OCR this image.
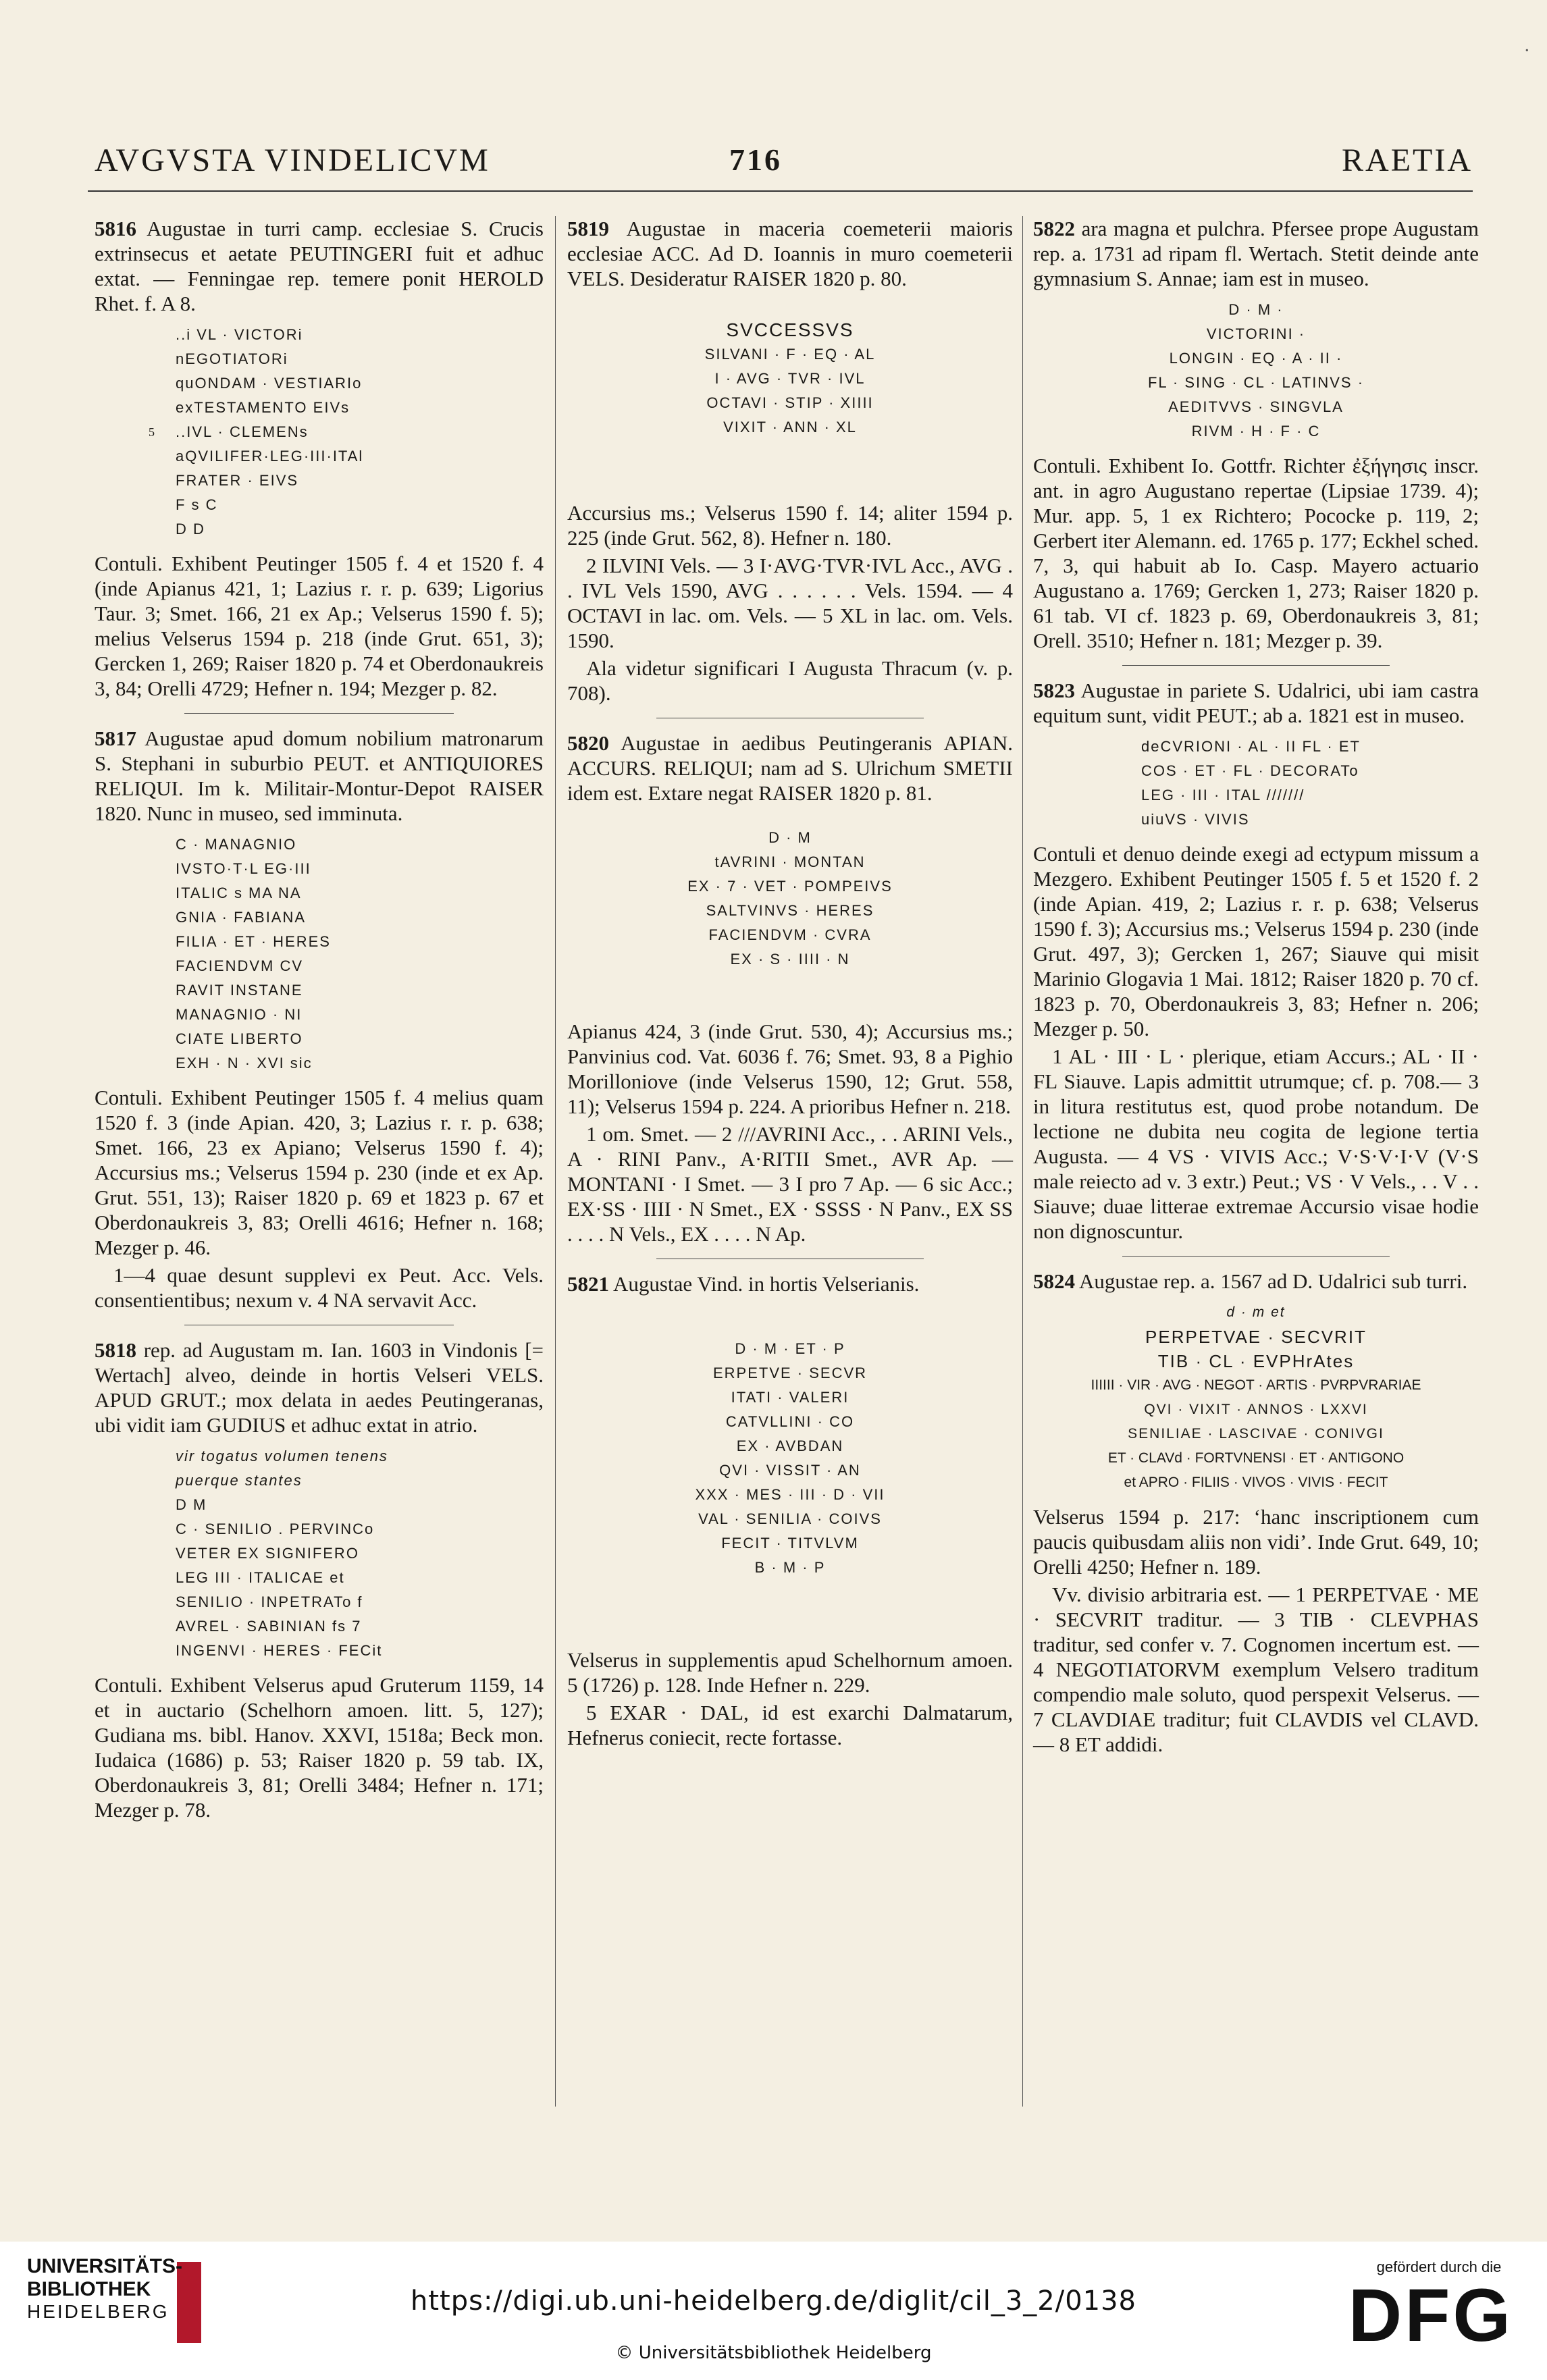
·
AVGVSTA VINDELICVM	716	RAETIA

5816 Augustae in turri camp. ecclesiae S. Crucis extrinsecus et aetate PEUTINGERI fuit et adhuc extat. — Fenningae rep. temere ponit HEROLD Rhet. f. A 8.

..i VL · VICTORi
nEGOTIATORi
quONDAM · VESTIARIo
exTESTAMENTO EIVs
5 ..IVL · CLEMENs
aQVILIFER·LEG·III·ITAl
FRATER · EIVS
F s C
D D

Contuli. Exhibent Peutinger 1505 f. 4 et 1520 f. 4 (inde Apianus 421, 1; Lazius r. r. p. 639; Ligorius Taur. 3; Smet. 166, 21 ex Ap.; Velserus 1590 f. 5); melius Velserus 1594 p. 218 (inde Grut. 651, 3); Gercken 1, 269; Raiser 1820 p. 74 et Oberdonaukreis 3, 84; Orelli 4729; Hefner n. 194; Mezger p. 82.

5817 Augustae apud domum nobilium matronarum S. Stephani in suburbio PEUT. et ANTIQUIORES RELIQUI. Im k. Militair-Montur-Depot RAISER 1820. Nunc in museo, sed imminuta.

C · MANAGNIO
IVSTO·T·L EG·III
ITALIC s MA NA
GNIA · FABIANA
FILIA · ET · HERES
FACIENDVM CV
RAVIT INSTANE
MANAGNIO · NI
CIATE LIBERTO
EXH · N · XVI sic

Contuli. Exhibent Peutinger 1505 f. 4 melius quam 1520 f. 3 (inde Apian. 420, 3; Lazius r. r. p. 638; Smet. 166, 23 ex Apiano; Velserus 1590 f. 4); Accursius ms.; Velserus 1594 p. 230 (inde et ex Ap. Grut. 551, 13); Raiser 1820 p. 69 et 1823 p. 67 et Oberdonaukreis 3, 83; Orelli 4616; Hefner n. 168; Mezger p. 46.

1—4 quae desunt supplevi ex Peut. Acc. Vels. consentientibus; nexum v. 4 NA servavit Acc.

5818 rep. ad Augustam m. Ian. 1603 in Vindonis [= Wertach] alveo, deinde in hortis Velseri VELS. APUD GRUT.; mox delata in aedes Peutingeranas, ubi vidit iam GUDIUS et adhuc extat in atrio.

vir togatus volumen tenens
puerque stantes
D M
C · SENILIO . PERVINCo
VETER EX SIGNIFERO
LEG III · ITALICAE et
SENILIO · INPETRATo f
AVREL · SABINIAN fs 7
INGENVI · HERES · FECit

Contuli. Exhibent Velserus apud Gruterum 1159, 14 et in auctario (Schelhorn amoen. litt. 5, 127); Gudiana ms. bibl. Hanov. XXVI, 1518a; Beck mon. Iudaica (1686) p. 53; Raiser 1820 p. 59 tab. IX, Oberdonaukreis 3, 81; Orelli 3484; Hefner n. 171; Mezger p. 78.

5819 Augustae in maceria coemeterii maioris ecclesiae ACC. Ad D. Ioannis in muro coemeterii VELS. Desideratur RAISER 1820 p. 80.

SVCCESSVS
SILVANI · F · EQ · AL
I · AVG · TVR · IVL
OCTAVI · STIP · XIIII
VIXIT · ANN · XL

Accursius ms.; Velserus 1590 f. 14; aliter 1594 p. 225 (inde Grut. 562, 8). Hefner n. 180.

2 ILVINI Vels. — 3 I·AVG·TVR·IVL Acc., AVG . . IVL Vels 1590, AVG . . . . . . Vels. 1594. — 4 OCTAVI in lac. om. Vels. — 5 XL in lac. om. Vels. 1590.

Ala videtur significari I Augusta Thracum (v. p. 708).

5820 Augustae in aedibus Peutingeranis APIAN. ACCURS. RELIQUI; nam ad S. Ulrichum SMETII idem est. Extare negat RAISER 1820 p. 81.

D · M
tAVRINI · MONTAN
EX · 7 · VET · POMPEIVS
SALTVINVS · HERES
FACIENDVM · CVRA
EX · S · IIII · N

Apianus 424, 3 (inde Grut. 530, 4); Accursius ms.; Panvinius cod. Vat. 6036 f. 76; Smet. 93, 8 a Pighio Morilloniove (inde Velserus 1590, 12; Grut. 558, 11); Velserus 1594 p. 224. A prioribus Hefner n. 218.

1 om. Smet. — 2 ///AVRINI Acc., . . ARINI Vels., A · RINI Panv., A·RITII Smet., AVR Ap. — MONTANI · I Smet. — 3 I pro 7 Ap. — 6 sic Acc.; EX·SS · IIII · N Smet., EX · SSSS · N Panv., EX SS . . . . N Vels., EX . . . . N Ap.

5821 Augustae Vind. in hortis Velserianis.

D · M · ET · P
ERPETVE · SECVR
ITATI · VALERI
CATVLLINI · CO
EX · AVBDAN
QVI · VISSIT · AN
XXX · MES · III · D · VII
VAL · SENILIA · COIVS
FECIT · TITVLVM
B · M · P

Velserus in supplementis apud Schelhornum amoen. 5 (1726) p. 128. Inde Hefner n. 229.

5 EXAR · DAL, id est exarchi Dalmatarum, Hefnerus coniecit, recte fortasse.

5822 ara magna et pulchra. Pfersee prope Augustam rep. a. 1731 ad ripam fl. Wertach. Stetit deinde ante gymnasium S. Annae; iam est in museo.

D · M ·
VICTORINI ·
LONGIN · EQ · A · II ·
FL · SING · CL · LATINVS ·
AEDITVVS · SINGVLA
RIVM · H · F · C

Contuli. Exhibent Io. Gottfr. Richter ἐξήγησις inscr. ant. in agro Augustano repertae (Lipsiae 1739. 4); Mur. app. 5, 1 ex Richtero; Pococke p. 119, 2; Gerbert iter Alemann. ed. 1765 p. 177; Eckhel sched. 7, 3, qui habuit ab Io. Casp. Mayero actuario Augustano a. 1769; Gercken 1, 273; Raiser 1820 p. 61 tab. VI cf. 1823 p. 69, Oberdonaukreis 3, 81; Orell. 3510; Hefner n. 181; Mezger p. 39.

5823 Augustae in pariete S. Udalrici, ubi iam castra equitum sunt, vidit PEUT.; ab a. 1821 est in museo.

deCVRIONI · AL · II FL · ET
COS · ET · FL · DECORATo
LEG · III · ITAL ///////
uiuVS · VIVIS

Contuli et denuo deinde exegi ad ectypum missum a Mezgero. Exhibent Peutinger 1505 f. 5 et 1520 f. 2 (inde Apian. 419, 2; Lazius r. r. p. 638; Velserus 1590 f. 3); Accursius ms.; Velserus 1594 p. 230 (inde Grut. 497, 3); Gercken 1, 267; Siauve qui misit Marinio Glogavia 1 Mai. 1812; Raiser 1820 p. 70 cf. 1823 p. 70, Oberdonaukreis 3, 83; Hefner n. 206; Mezger p. 50.

1 AL · III · L · plerique, etiam Accurs.; AL · II · FL Siauve. Lapis admittit utrumque; cf. p. 708.— 3 in litura restitutus est, quod probe notandum. De lectione ne dubita neu cogita de legione tertia Augusta. — 4 VS · VIVIS Acc.; V·S·V·I·V (V·S male reiecto ad v. 3 extr.) Peut.; VS · V Vels., . . V . . Siauve; duae litterae extremae Accursio visae hodie non dignoscuntur.

5824 Augustae rep. a. 1567 ad D. Udalrici sub turri.

d · m et
PERPETVAE · SECVRIT
TIB · CL · EVPHrAtes
IIIIII · VIR · AVG · NEGOT · ARTIS · PVRPVRARIAE
QVI · VIXIT · ANNOS · LXXVI
SENILIAE · LASCIVAE · CONIVGI
ET · CLAVd · FORTVNENSI · ET · ANTIGONO
et APRO · FILIIS · VIVOS · VIVIS · FECIT

Velserus 1594 p. 217: ‘hanc inscriptionem cum paucis quibusdam aliis non vidi’. Inde Grut. 649, 10; Orelli 4250; Hefner n. 189.

Vv. divisio arbitraria est. — 1 PERPETVAE · ME · SECVRIT traditur. — 3 TIB · CLEVPHAS traditur, sed confer v. 7. Cognomen incertum est. — 4 NEGOTIATORVM exemplum Velsero traditum compendio male soluto, quod perspexit Velserus. — 7 CLAVDIAE traditur; fuit CLAVDIS vel CLAVD. — 8 ET addidi.

UNIVERSITÄTS-
BIBLIOTHEK
HEIDELBERG	https://digi.ub.uni-heidelberg.de/diglit/cil_3_2/0138
© Universitätsbibliothek Heidelberg
gefördert durch die
DFG
